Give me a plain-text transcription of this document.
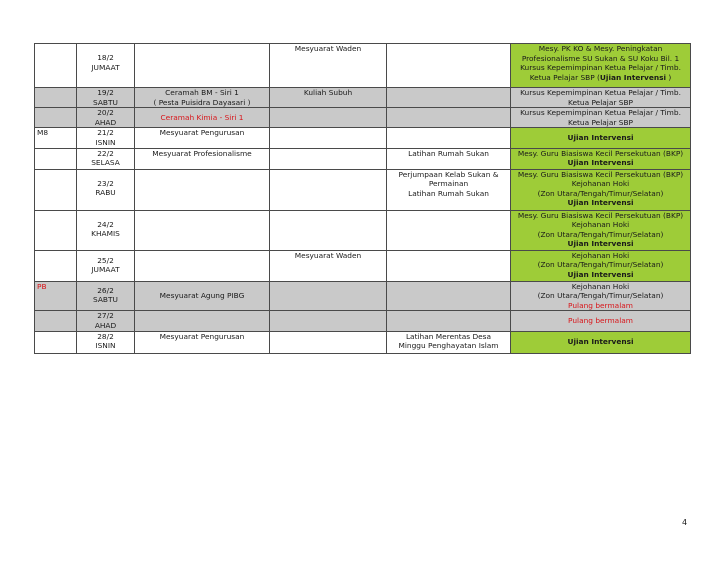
	18/2
JUMAAT		Mesyuarat Waden		Mesy. PK KO & Mesy. Peningkatan
Profesionalisme SU Sukan & SU Koku Bil. 1
Kursus Kepemimpinan Ketua Pelajar / Timb.
Ketua Pelajar SBP (Ujian Intervensi )

	19/2
SABTU	Ceramah BM - Siri 1
( Pesta Puisidra Dayasari )	Kuliah Subuh		Kursus Kepemimpinan Ketua Pelajar / Timb.
Ketua Pelajar SBP

	20/2
AHAD	Ceramah Kimia - Siri 1			Kursus Kepemimpinan Ketua Pelajar / Timb.
Ketua Pelajar SBP

M8	21/2
ISNIN	Mesyuarat Pengurusan			Ujian Intervensi

	22/2
SELASA	Mesyuarat Profesionalisme		Latihan Rumah Sukan	Mesy. Guru Biasiswa Kecil Persekutuan (BKP)
Ujian Intervensi

	23/2
RABU			Perjumpaan Kelab Sukan &
Permainan
Latihan Rumah Sukan	Mesy. Guru Biasiswa Kecil Persekutuan (BKP)
Kejohanan Hoki
(Zon Utara/Tengah/Timur/Selatan)
Ujian Intervensi

	24/2
KHAMIS				Mesy. Guru Biasiswa Kecil Persekutuan (BKP)
Kejohanan Hoki
(Zon Utara/Tengah/Timur/Selatan)
Ujian Intervensi

	25/2
JUMAAT		Mesyuarat Waden		Kejohanan Hoki
(Zon Utara/Tengah/Timur/Selatan)
Ujian Intervensi

PB	26/2
SABTU	Mesyuarat Agung PIBG			Kejohanan Hoki
(Zon Utara/Tengah/Timur/Selatan)
Pulang bermalam

	27/2
AHAD				Pulang bermalam

	28/2
ISNIN	Mesyuarat Pengurusan		Latihan Merentas Desa
Minggu Penghayatan Islam	Ujian Intervensi
4
